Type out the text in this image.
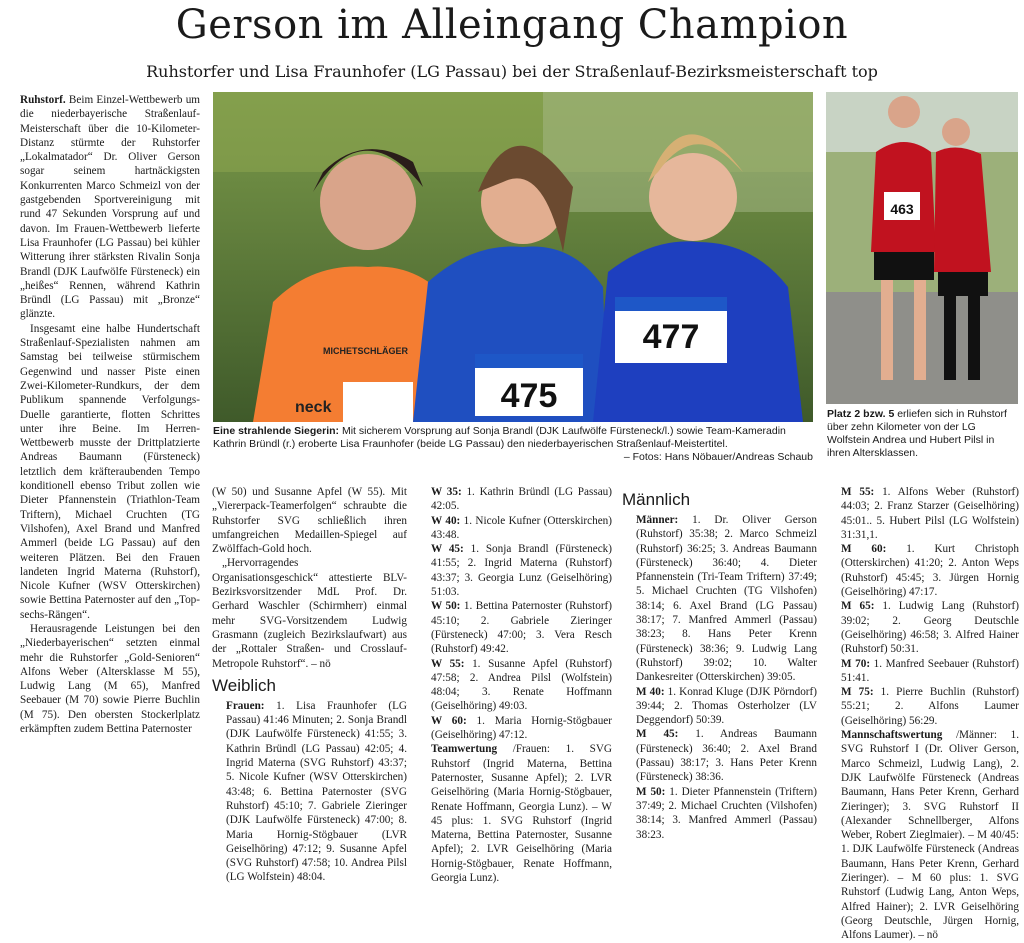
Gerson im Alleingang Champion
Ruhstorfer und Lisa Fraunhofer (LG Passau) bei der Straßenlauf-Bezirksmeisterschaft top

Ruhstorf. Beim Einzel-Wettbewerb um die niederbayerische Straßenlauf-Meisterschaft über die 10-Kilometer-Distanz stürmte der Ruhstorfer „Lokalmatador“ Dr. Oliver Gerson sogar seinem hartnäckigsten Konkurrenten Marco Schmeizl von der gastgebenden Sportvereinigung mit rund 47 Sekunden Vorsprung auf und davon. Im Frauen-Wettbewerb lieferte Lisa Fraunhofer (LG Passau) bei kühler Witterung ihrer stärksten Rivalin Sonja Brandl (DJK Laufwölfe Fürsteneck) ein „heißes“ Rennen, während Kathrin Bründl (LG Passau) mit „Bronze“ glänzte.

Insgesamt eine halbe Hundertschaft Straßenlauf-Spezialisten nahmen am Samstag bei teilweise stürmischem Gegenwind und nasser Piste einen Zwei-Kilometer-Rundkurs, der dem Publikum spannende Verfolgungs-Duelle garantierte, flotten Schrittes unter ihre Beine. Im Herren-Wettbewerb musste der Drittplatzierte Andreas Baumann (Fürsteneck) letztlich dem kräfteraubenden Tempo konditionell ebenso Tribut zollen wie Dieter Pfannenstein (Triathlon-Team Triftern), Michael Cruchten (TG Vilshofen), Axel Brand und Manfred Ammerl (beide LG Passau) auf den weiteren Plätzen. Bei den Frauen landeten Ingrid Materna (Ruhstorf), Nicole Kufner (WSV Otterskirchen) sowie Bettina Paternoster auf den „Top-sechs-Rängen“.

Herausragende Leistungen bei den „Niederbayerischen“ setzten einmal mehr die Ruhstorfer „Gold-Senioren“ Alfons Weber (Altersklasse M 55), Ludwig Lang (M 65), Manfred Seebauer (M 70) sowie Pierre Buchlin (M 75). Den obersten Stockerlplatz erkämpften zudem Bettina Paternoster

475
477
neck
MICHETSCHLÄGER
Eine strahlende Siegerin: Mit sicherem Vorsprung auf Sonja Brandl (DJK Laufwölfe Fürsteneck/l.) sowie Team-Kameradin Kathrin Bründl (r.) eroberte Lisa Fraunhofer (beide LG Passau) den niederbayerischen Straßenlauf-Meistertitel.
– Fotos: Hans Nöbauer/Andreas Schaub
463
Platz 2 bzw. 5 erliefen sich in Ruhstorf über zehn Kilometer von der LG Wolfstein Andrea und Hubert Pilsl in ihren Altersklassen.

(W 50) und Susanne Apfel (W 55). Mit „Viererpack-Teamerfolgen“ schraubte die Ruhstorfer SVG schließlich ihren umfangreichen Medaillen-Spiegel auf Zwölffach-Gold hoch.

„Hervorragendes Organisationsgeschick“ attestierte BLV-Bezirksvorsitzender MdL Prof. Dr. Gerhard Waschler (Schirmherr) einmal mehr SVG-Vorsitzendem Ludwig Grasmann (zugleich Bezirkslaufwart) aus der „Rottaler Straßen- und Crosslauf-Metropole Ruhstorf“. – nö

Weiblich

Frauen: 1. Lisa Fraunhofer (LG Passau) 41:46 Minuten; 2. Sonja Brandl (DJK Laufwölfe Fürsteneck) 41:55; 3. Kathrin Bründl (LG Passau) 42:05; 4. Ingrid Materna (SVG Ruhstorf) 43:37; 5. Nicole Kufner (WSV Otterskirchen) 43:48; 6. Bettina Paternoster (SVG Ruhstorf) 45:10; 7. Gabriele Zieringer (DJK Laufwölfe Fürsteneck) 47:00; 8. Maria Hornig-Stögbauer (LVR Geiselhöring) 47:12; 9. Susanne Apfel (SVG Ruhstorf) 47:58; 10. Andrea Pilsl (LG Wolfstein) 48:04.

W 35: 1. Kathrin Bründl (LG Passau) 42:05.

W 40: 1. Nicole Kufner (Otterskirchen) 43:48.

W 45: 1. Sonja Brandl (Fürsteneck) 41:55; 2. Ingrid Materna (Ruhstorf) 43:37; 3. Georgia Lunz (Geiselhöring) 51:03.

W 50: 1. Bettina Paternoster (Ruhstorf) 45:10; 2. Gabriele Zieringer (Fürsteneck) 47:00; 3. Vera Resch (Ruhstorf) 49:42.

W 55: 1. Susanne Apfel (Ruhstorf) 47:58; 2. Andrea Pilsl (Wolfstein) 48:04; 3. Renate Hoffmann (Geiselhöring) 49:03.

W 60: 1. Maria Hornig-Stögbauer (Geiselhöring) 47:12.

Teamwertung /Frauen: 1. SVG Ruhstorf (Ingrid Materna, Bettina Paternoster, Susanne Apfel); 2. LVR Geiselhöring (Maria Hornig-Stögbauer, Renate Hoffmann, Georgia Lunz). – W 45 plus: 1. SVG Ruhstorf (Ingrid Materna, Bettina Paternoster, Susanne Apfel); 2. LVR Geiselhöring (Maria Hornig-Stögbauer, Renate Hoffmann, Georgia Lunz).

Männlich

Männer: 1. Dr. Oliver Gerson (Ruhstorf) 35:38; 2. Marco Schmeizl (Ruhstorf) 36:25; 3. Andreas Baumann (Fürsteneck) 36:40; 4. Dieter Pfannenstein (Tri-Team Triftern) 37:49; 5. Michael Cruchten (TG Vilshofen) 38:14; 6. Axel Brand (LG Passau) 38:17; 7. Manfred Ammerl (Passau) 38:23; 8. Hans Peter Krenn (Fürsteneck) 38:36; 9. Ludwig Lang (Ruhstorf) 39:02; 10. Walter Dankesreiter (Otterskirchen) 39:05.

M 40: 1. Konrad Kluge (DJK Pörndorf) 39:44; 2. Thomas Osterholzer (LV Deggendorf) 50:39.

M 45: 1. Andreas Baumann (Fürsteneck) 36:40; 2. Axel Brand (Passau) 38:17; 3. Hans Peter Krenn (Fürsteneck) 38:36.

M 50: 1. Dieter Pfannenstein (Triftern) 37:49; 2. Michael Cruchten (Vilshofen) 38:14; 3. Manfred Ammerl (Passau) 38:23.

M 55: 1. Alfons Weber (Ruhstorf) 44:03; 2. Franz Starzer (Geiselhöring) 45:01.. 5. Hubert Pilsl (LG Wolfstein) 31:31,1.

M 60: 1. Kurt Christoph (Otterskirchen) 41:20; 2. Anton Weps (Ruhstorf) 45:45; 3. Jürgen Hornig (Geiselhöring) 47:17.

M 65: 1. Ludwig Lang (Ruhstorf) 39:02; 2. Georg Deutschle (Geiselhöring) 46:58; 3. Alfred Hainer (Ruhstorf) 50:31.

M 70: 1. Manfred Seebauer (Ruhstorf) 51:41.

M 75: 1. Pierre Buchlin (Ruhstorf) 55:21; 2. Alfons Laumer (Geiselhöring) 56:29.

Mannschaftswertung /Männer: 1. SVG Ruhstorf I (Dr. Oliver Gerson, Marco Schmeizl, Ludwig Lang), 2. DJK Laufwölfe Fürsteneck (Andreas Baumann, Hans Peter Krenn, Gerhard Zieringer); 3. SVG Ruhstorf II (Alexander Schnellberger, Alfons Weber, Robert Zieglmaier). – M 40/45: 1. DJK Laufwölfe Fürsteneck (Andreas Baumann, Hans Peter Krenn, Gerhard Zieringer). – M 60 plus: 1. SVG Ruhstorf (Ludwig Lang, Anton Weps, Alfred Hainer); 2. LVR Geiselhöring (Georg Deutschle, Jürgen Hornig, Alfons Laumer). – nö
